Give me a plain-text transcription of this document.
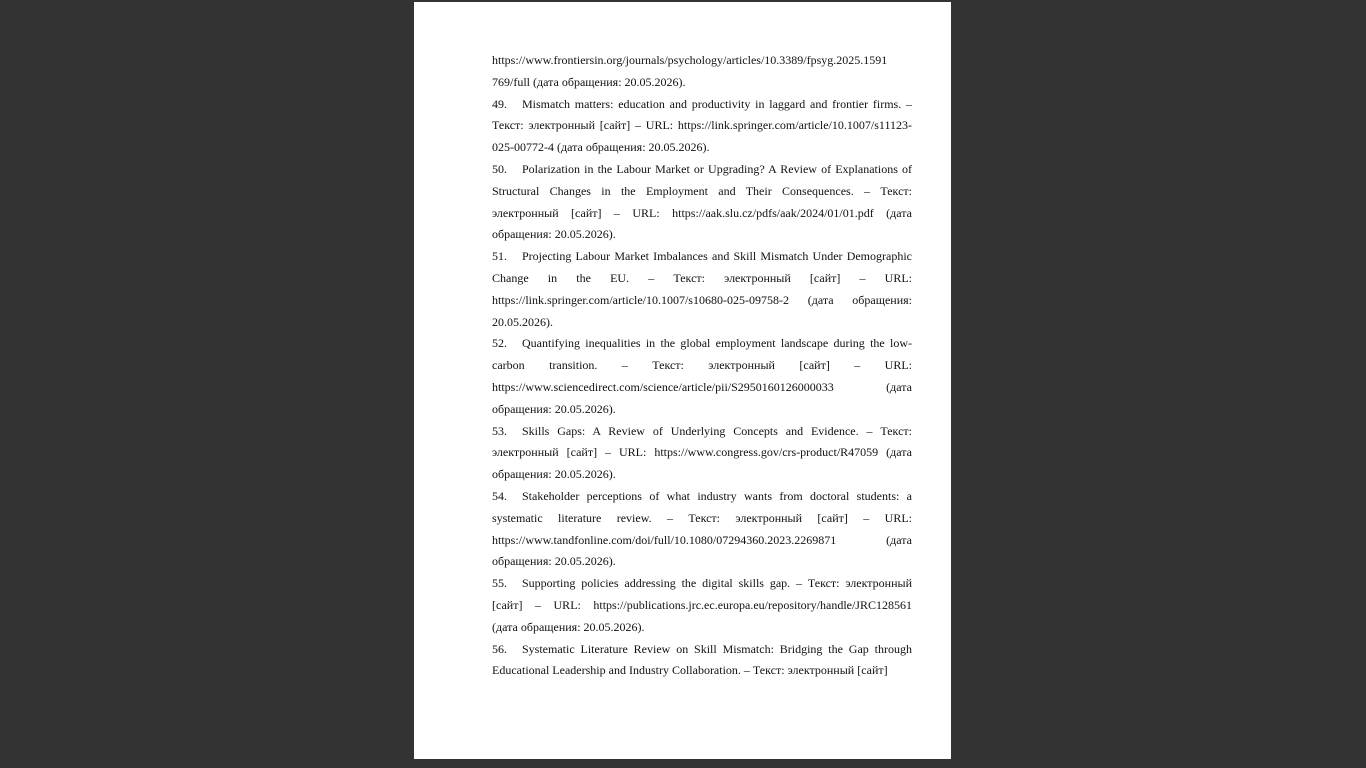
https://www.frontiersin.org/journals/psychology/articles/10.3389/fpsyg.2025.1591 769/full (дата обращения: 20.05.2026).

49. Mismatch matters: education and productivity in laggard and frontier firms. – Текст: электронный [сайт] – URL: https://link.springer.com/article/10.1007/s11123-025-00772-4 (дата обращения: 20.05.2026).

50. Polarization in the Labour Market or Upgrading? A Review of Explanations of Structural Changes in the Employment and Their Consequences. – Текст: электронный [сайт] – URL: https://aak.slu.cz/pdfs/aak/2024/01/01.pdf (дата обращения: 20.05.2026).

51. Projecting Labour Market Imbalances and Skill Mismatch Under Demographic Change in the EU. – Текст: электронный [сайт] – URL: https://link.springer.com/article/10.1007/s10680-025-09758-2 (дата обращения: 20.05.2026).

52. Quantifying inequalities in the global employment landscape during the low-carbon transition. – Текст: электронный [сайт] – URL: https://www.sciencedirect.com/science/article/pii/S2950160126000033 (дата обращения: 20.05.2026).

53. Skills Gaps: A Review of Underlying Concepts and Evidence. – Текст: электронный [сайт] – URL: https://www.congress.gov/crs-product/R47059 (дата обращения: 20.05.2026).

54. Stakeholder perceptions of what industry wants from doctoral students: a systematic literature review. – Текст: электронный [сайт] – URL: https://www.tandfonline.com/doi/full/10.1080/07294360.2023.2269871 (дата обращения: 20.05.2026).

55. Supporting policies addressing the digital skills gap. – Текст: электронный [сайт] – URL: https://publications.jrc.ec.europa.eu/repository/handle/JRC128561 (дата обращения: 20.05.2026).

56. Systematic Literature Review on Skill Mismatch: Bridging the Gap through Educational Leadership and Industry Collaboration. – Текст: электронный [сайт]
